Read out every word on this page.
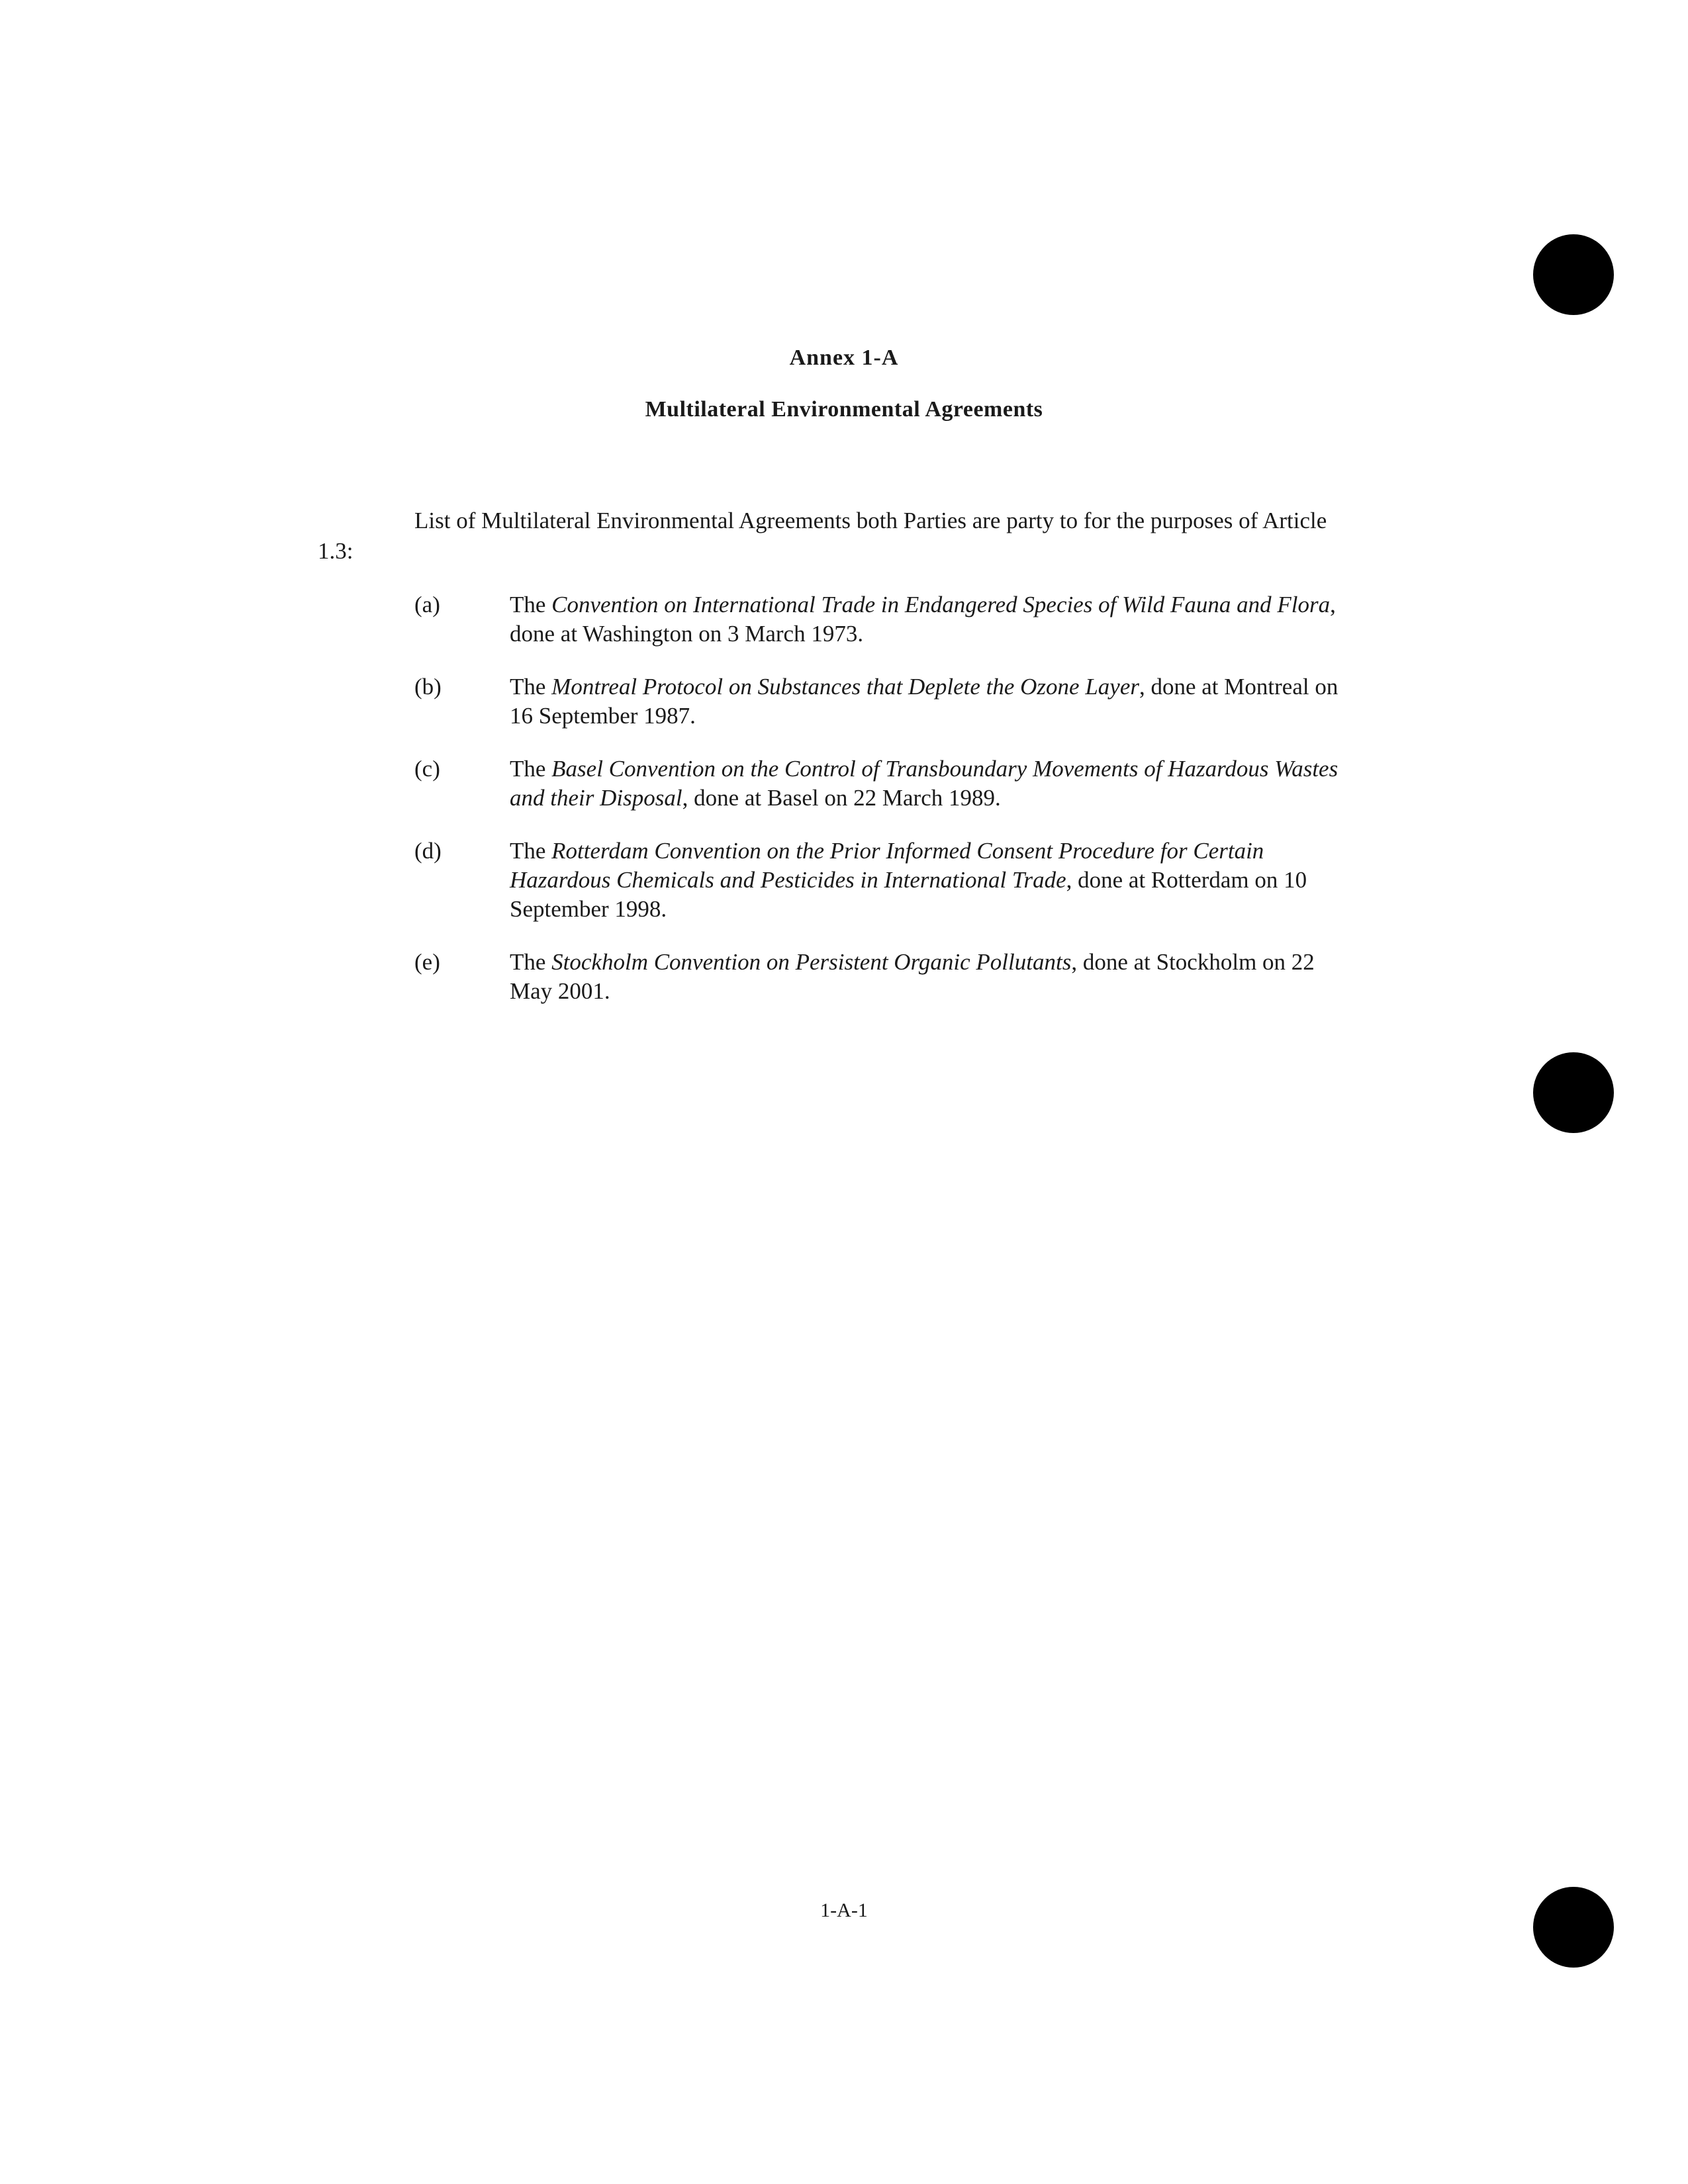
Annex 1-A
Multilateral Environmental Agreements
List of Multilateral Environmental Agreements both Parties are party to for the purposes of Article 1.3:
(a)	The Convention on International Trade in Endangered Species of Wild Fauna and Flora, done at Washington on 3 March 1973.
(b)	The Montreal Protocol on Substances that Deplete the Ozone Layer, done at Montreal on 16 September 1987.
(c)	The Basel Convention on the Control of Transboundary Movements of Hazardous Wastes and their Disposal, done at Basel on 22 March 1989.
(d)	The Rotterdam Convention on the Prior Informed Consent Procedure for Certain Hazardous Chemicals and Pesticides in International Trade, done at Rotterdam on 10 September 1998.
(e)	The Stockholm Convention on Persistent Organic Pollutants, done at Stockholm on 22 May 2001.
1-A-1
